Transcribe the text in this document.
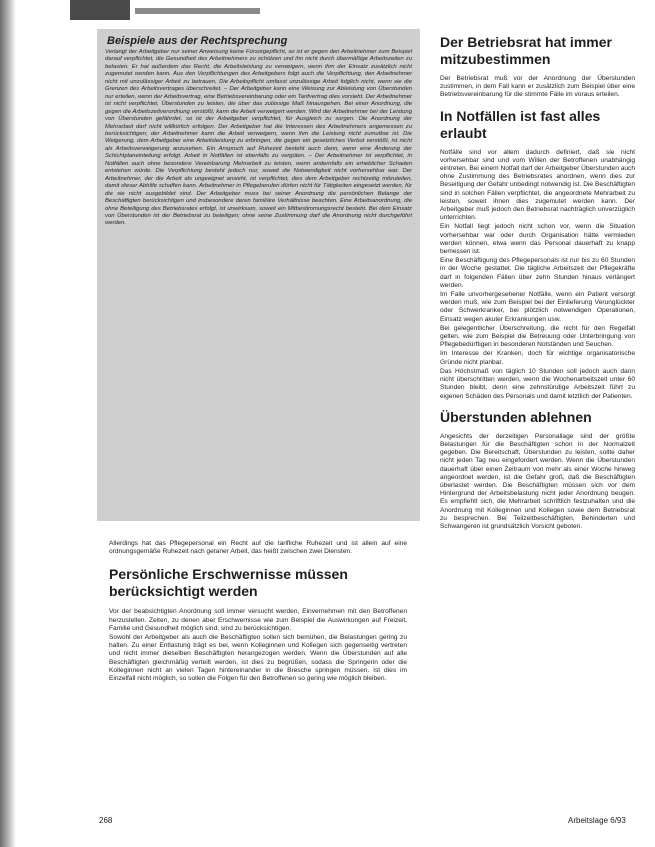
Beispiele aus der Rechtsprechung

Verlangt der Arbeitgeber nur seiner Anweisung keine Fürsorgepflicht, so ist er gegen den Arbeitnehmer zum Beispiel darauf verpflichtet, die Gesundheit des Arbeitnehmers zu schützen und ihn nicht durch übermäßige Arbeitszeiten zu belasten. Er hat außerdem das Recht, die Arbeitsleistung zu verweigern, wenn ihm der Einsatz zusätzlich nicht zugemutet werden kann. Aus den Verpflichtungen des Arbeitgebers folgt auch die Verpflichtung, den Arbeitnehmer nicht mit unzulässiger Arbeit zu betrauen. Die Arbeitspflicht umfasst unzulässige Arbeit folglich nicht, wenn sie die Grenzen des Arbeitsvertrages überschreitet. – Der Arbeitgeber kann eine Weisung zur Ableistung von Überstunden nur erteilen, wenn der Arbeitsvertrag, eine Betriebsvereinbarung oder ein Tarifvertrag dies vorsieht. Der Arbeitnehmer ist nicht verpflichtet, Überstunden zu leisten, die über das zulässige Maß hinausgehen. Bei einer Anordnung, die gegen die Arbeitszeitverordnung verstößt, kann die Arbeit verweigert werden. Wird der Arbeitnehmer bei der Leistung von Überstunden gefährdet, so ist der Arbeitgeber verpflichtet, für Ausgleich zu sorgen. Die Anordnung der Mehrarbeit darf nicht willkürlich erfolgen. Der Arbeitgeber hat die Interessen des Arbeitnehmers angemessen zu berücksichtigen; der Arbeitnehmer kann die Arbeit verweigern, wenn ihm die Leistung nicht zumutbar ist. Die Weigerung, dem Arbeitgeber eine Arbeitsleistung zu erbringen, die gegen ein gesetzliches Verbot verstößt, ist nicht als Arbeitsverweigerung anzusehen. Ein Anspruch auf Ruhezeit besteht auch dann, wenn eine Änderung der Schichtplaneinteilung erfolgt. Arbeit in Notfällen ist ebenfalls zu vergüten. – Der Arbeitnehmer ist verpflichtet, in Notfällen auch ohne besondere Vereinbarung Mehrarbeit zu leisten, wenn andernfalls ein erheblicher Schaden entstehen würde. Die Verpflichtung besteht jedoch nur, soweit die Notwendigkeit nicht vorhersehbar war. Der Arbeitnehmer, der die Arbeit als ungeeignet ansieht, ist verpflichtet, dies dem Arbeitgeber rechtzeitig mitzuteilen, damit dieser Abhilfe schaffen kann. Arbeitnehmer in Pflegeberufen dürfen nicht für Tätigkeiten eingesetzt werden, für die sie nicht ausgebildet sind. Der Arbeitgeber muss bei seiner Anordnung die persönlichen Belange der Beschäftigten berücksichtigen und insbesondere deren familiäre Verhältnisse beachten. Eine Arbeitsanordnung, die ohne Beteiligung des Betriebsrates erfolgt, ist unwirksam, soweit ein Mitbestimmungsrecht besteht. Bei dem Einsatz von Überstunden ist der Betriebsrat zu beteiligen; ohne seine Zustimmung darf die Anordnung nicht durchgeführt werden.

Allerdings hat das Pflegepersonal ein Recht auf die tarifliche Ruhezeit und ist allein auf eine ordnungsgemäße Ruhezeit nach getaner Arbeit, das heißt zwischen zwei Diensten.

Persönliche Erschwernisse müssen berücksichtigt werden

Vor der beabsichtigten Anordnung soll immer versucht werden, Einvernehmen mit den Betroffenen herzustellen. Zeiten, zu denen aber Erschwernisse wie zum Beispiel die Auswirkungen auf Freizeit, Familie und Gesundheit möglich sind, sind zu berücksichtigen.

Sowohl der Arbeitgeber als auch die Beschäftigten sollen sich bemühen, die Belastungen gering zu halten. Zu einer Entlastung trägt es bei, wenn Kolleginnen und Kollegen sich gegenseitig vertreten und nicht immer dieselben Beschäftigten herangezogen werden. Wenn die Überstunden auf alle Beschäftigten gleichmäßig verteilt werden, ist dies zu begrüßen, sodass die Springerin oder die Kolleginnen nicht an vielen Tagen hintereinander in die Bresche springen müssen. Ist dies im Einzelfall nicht möglich, so sollen die Folgen für den Betroffenen so gering wie möglich bleiben.

Der Betriebsrat hat immer mitzubestimmen

Der Betriebsrat muß vor der Anordnung der Überstunden zustimmen, in dem Fall kann er zusätzlich zum Beispiel über eine Betriebsvereinbarung für die stimmte Fälle im voraus erteilen.

In Notfällen ist fast alles erlaubt

Notfälle sind vor allem dadurch definiert, daß sie nicht vorhersehbar sind und vom Willen der Betroffenen unabhängig eintreten. Bei einem Notfall darf der Arbeitgeber Überstunden auch ohne Zustimmung des Betriebsrates anordnen, wenn dies zur Beseitigung der Gefahr unbedingt notwendig ist. Die Beschäftigten sind in solchen Fällen verpflichtet, die angeordnete Mehrarbeit zu leisten, soweit ihnen dies zugemutet werden kann. Der Arbeitgeber muß jedoch den Betriebsrat nachträglich unverzüglich unterrichten.

Ein Notfall liegt jedoch nicht schon vor, wenn die Situation vorhersehbar war oder durch Organisation hätte vermieden werden können, etwa wenn das Personal dauerhaft zu knapp bemessen ist.

Eine Beschäftigung des Pflegepersonals ist nur bis zu 60 Stunden in der Woche gestattet. Die tägliche Arbeitszeit der Pflegekräfte darf in folgenden Fällen über zehn Stunden hinaus verlängert werden.

Im Falle unvorhergesehener Notfälle, wenn ein Patient versorgt werden muß, wie zum Beispiel bei der Einlieferung Verunglückter oder Schwerkranker, bei plötzlich notwendigen Operationen, Einsatz wegen akuter Erkrankungen usw.

Bei gelegentlicher Überschreitung, die nicht für den Regelfall gelten, wie zum Beispiel die Betreuung oder Unterbringung von Pflegebedürftigen in besonderen Notständen und Seuchen.

Im Interesse der Kranken, doch für wichtige organisatorische Gründe nicht planbar.

Das Höchstmaß von täglich 10 Stunden soll jedoch auch dann nicht überschritten werden, wenn die Wochenarbeitszeit unter 60 Stunden bleibt, denn eine zehnstündige Arbeitszeit führt zu eigenen Schäden des Personals und damit letztlich der Patienten.

Überstunden ablehnen

Angesichts der derzeitigen Personallage sind der größte Belastungen für die Beschäftigten schon in der Normalzeit gegeben. Die Bereitschaft, Überstunden zu leisten, sollte daher nicht jeden Tag neu eingefordert werden. Wenn die Überstunden dauerhaft über einen Zeitraum von mehr als einer Woche hinweg angeordnet werden, ist die Gefahr groß, daß die Beschäftigten überlastet werden. Die Beschäftigten müssen sich vor dem Hintergrund der Arbeitsbelastung nicht jeder Anordnung beugen. Es empfiehlt sich, die Mehrarbeit schriftlich festzuhalten und die Anordnung mit Kolleginnen und Kollegen sowie dem Betriebsrat zu besprechen. Bei Teilzeitbeschäftigten, Behinderten und Schwangeren ist grundsätzlich Vorsicht geboten.

268	Arbeitslage 6/93
